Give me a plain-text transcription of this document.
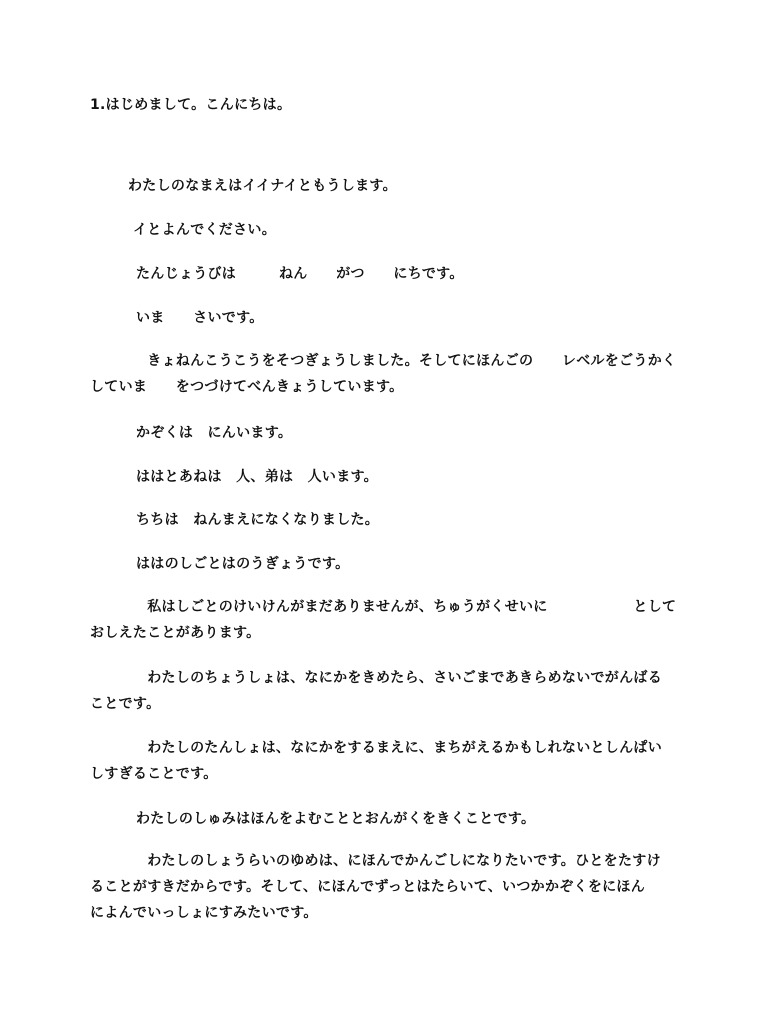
1.はじめまして。こんにちは。
わたしのなまえはイイナイともうします。
イとよんでください。
たんじょうびは　　　ねん　　がつ　　にちです。
いま　　さいです。
　　　　きょねんこうこうをそつぎょうしました。そしてにほんごの　　レベルをごうかくしていま　　をつづけてべんきょうしています。
かぞくは　にんいます。
ははとあねは　人、弟は　人います。
ちちは　ねんまえになくなりました。
ははのしごとはのうぎょうです。
　　　　私はしごとのけいけんがまだありませんが、ちゅうがくせいに　　　　　　として
おしえたことがあります。
　　　　わたしのちょうしょは、なにかをきめたら、さいごまであきらめないでがんばる
ことです。
　　　　わたしのたんしょは、なにかをするまえに、まちがえるかもしれないとしんぱい
しすぎることです。
わたしのしゅみはほんをよむこととおんがくをきくことです。
　　　　わたしのしょうらいのゆめは、にほんでかんごしになりたいです。ひとをたすけ
ることがすきだからです。そして、にほんでずっとはたらいて、いつかかぞくをにほん
によんでいっしょにすみたいです。
